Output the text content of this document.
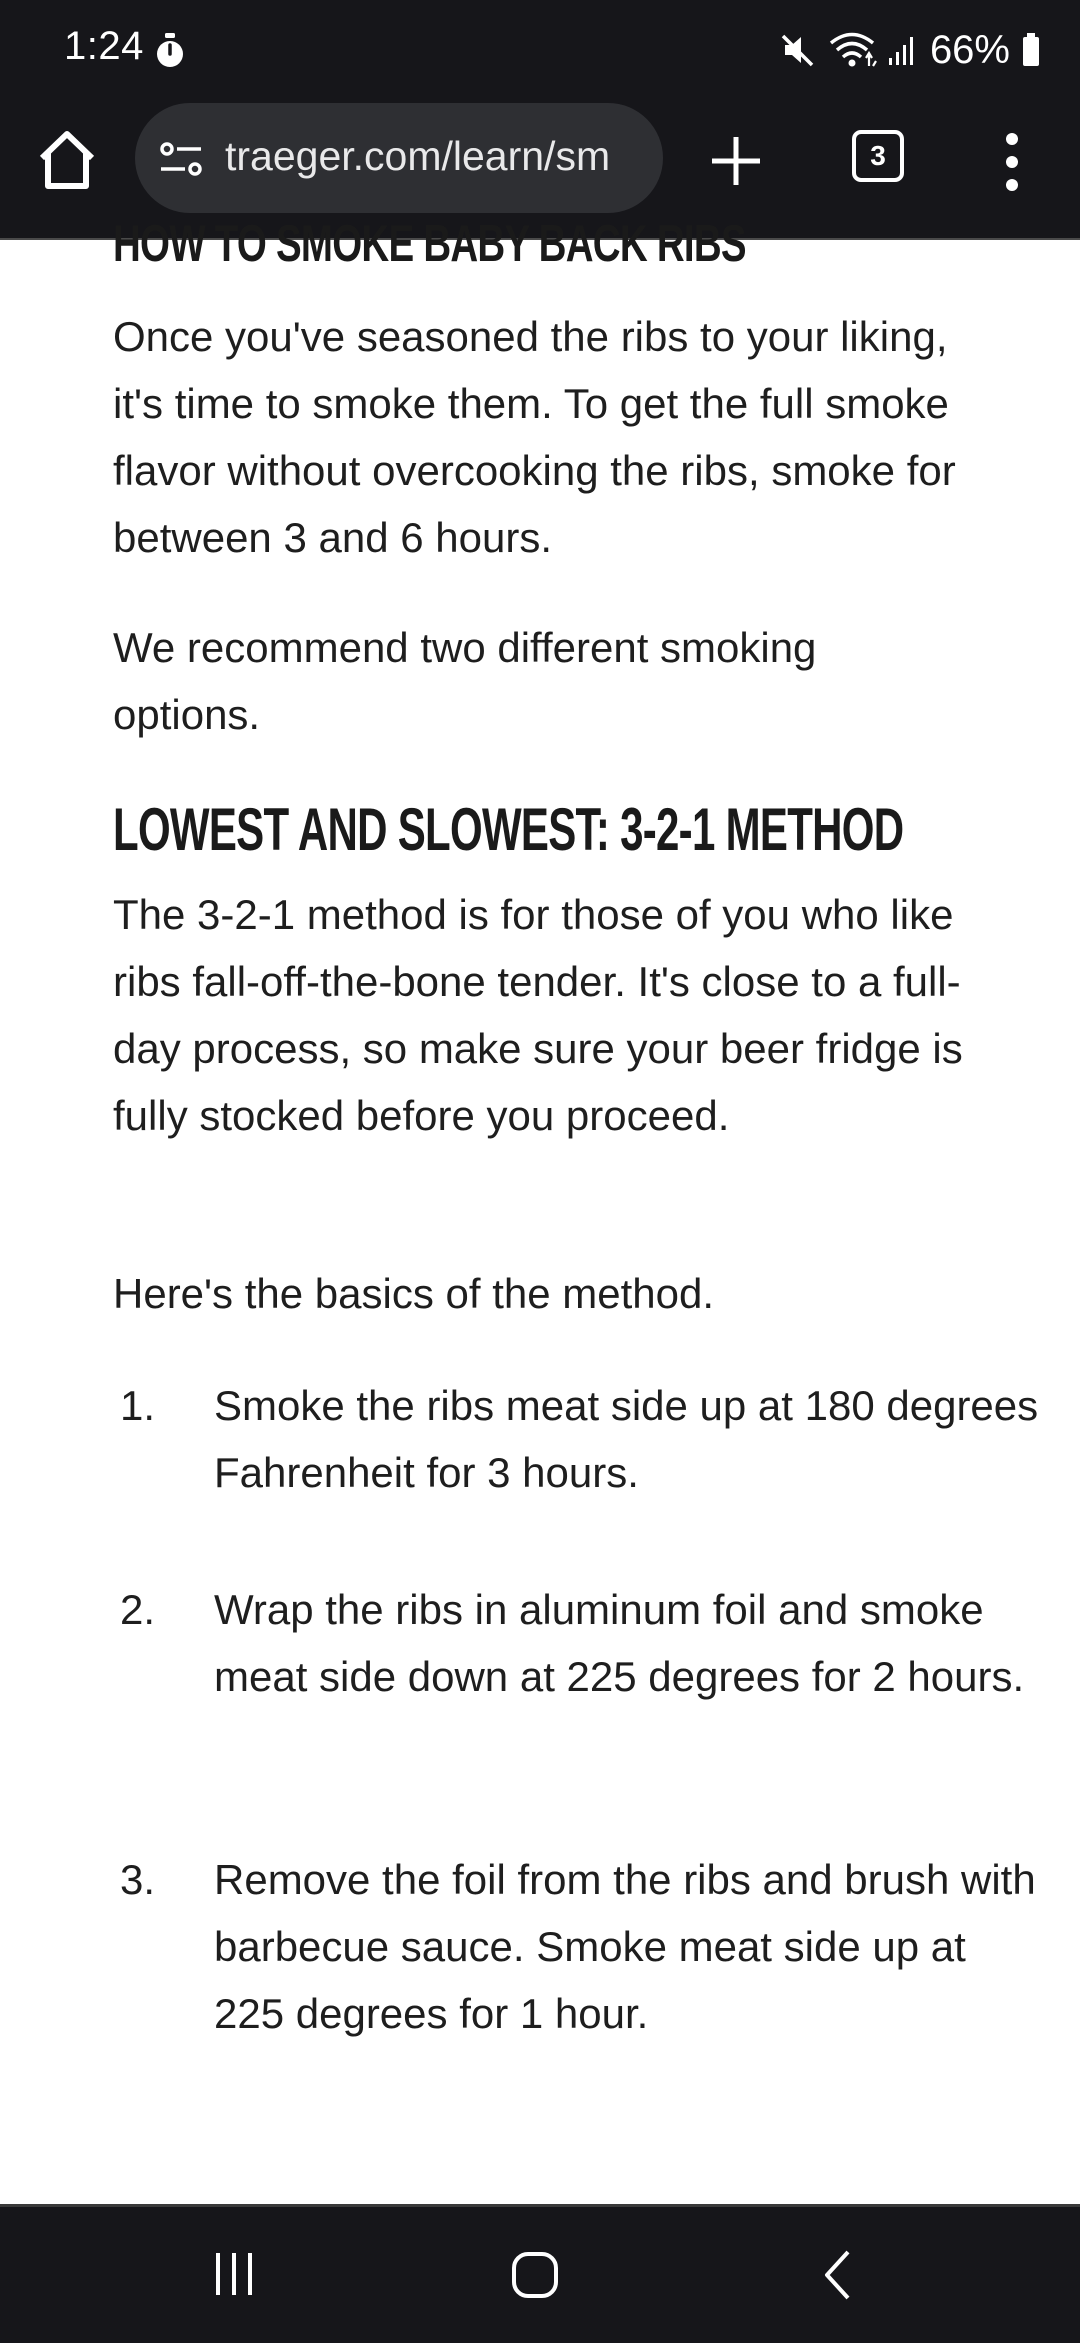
1:24	66%
traeger.com/learn/sm	3
HOW TO SMOKE BABY BACK RIBS

Once you've seasoned the ribs to your liking, it's time to smoke them. To get the full smoke flavor without overcooking the ribs, smoke for between 3 and 6 hours.

We recommend two different smoking options.

LOWEST AND SLOWEST: 3-2-1 METHOD

The 3-2-1 method is for those of you who like ribs fall-off-the-bone tender. It's close to a full-day process, so make sure your beer fridge is fully stocked before you proceed.

Here's the basics of the method.

1. Smoke the ribs meat side up at 180 degrees Fahrenheit for 3 hours.

2. Wrap the ribs in aluminum foil and smoke meat side down at 225 degrees for 2 hours.

3. Remove the foil from the ribs and brush with barbecue sauce. Smoke meat side up at 225 degrees for 1 hour.
